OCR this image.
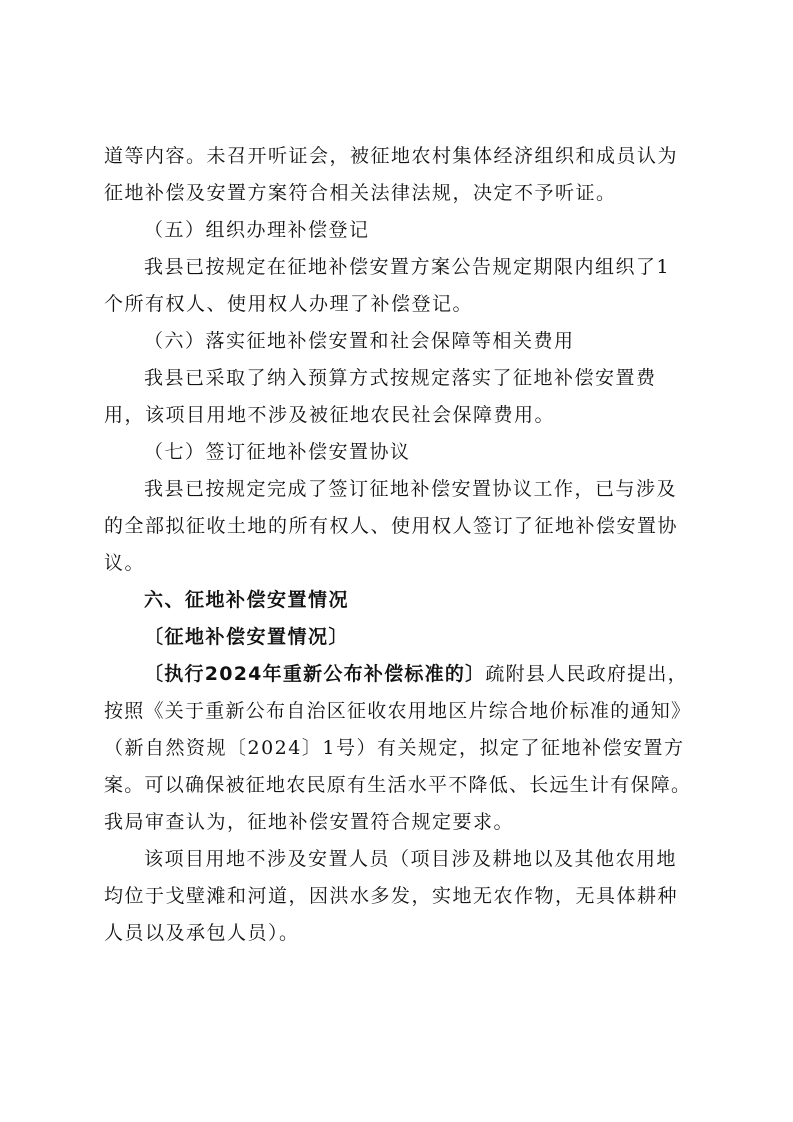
道等内容。未召开听证会，被征地农村集体经济组织和成员认为
征地补偿及安置方案符合相关法律法规，决定不予听证。
（五）组织办理补偿登记
我县已按规定在征地补偿安置方案公告规定期限内组织了1
个所有权人、使用权人办理了补偿登记。
（六）落实征地补偿安置和社会保障等相关费用
我县已采取了纳入预算方式按规定落实了征地补偿安置费
用，该项目用地不涉及被征地农民社会保障费用。
（七）签订征地补偿安置协议
我县已按规定完成了签订征地补偿安置协议工作，已与涉及
的全部拟征收土地的所有权人、使用权人签订了征地补偿安置协
议。
六、征地补偿安置情况
〔征地补偿安置情况〕
〔执行2024年重新公布补偿标准的〕疏附县人民政府提出，
按照《关于重新公布自治区征收农用地区片综合地价标准的通知》
（新自然资规〔2024〕1号）有关规定，拟定了征地补偿安置方
案。可以确保被征地农民原有生活水平不降低、长远生计有保障。
我局审查认为，征地补偿安置符合规定要求。
该项目用地不涉及安置人员（项目涉及耕地以及其他农用地
均位于戈壁滩和河道，因洪水多发，实地无农作物，无具体耕种
人员以及承包人员）。
